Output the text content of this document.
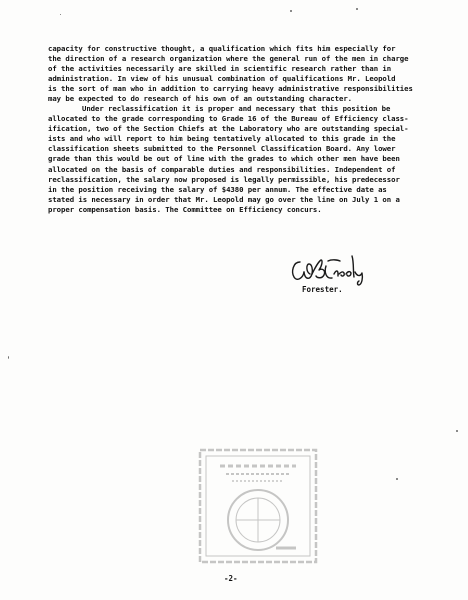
capacity for constructive thought, a qualification which fits him especially for
the direction of a research organization where the general run of the men in charge
of the activities necessarily are skilled in scientific research rather than in
administration. In view of his unusual combination of qualifications Mr. Leopold
is the sort of man who in addition to carrying heavy administrative responsibilities
may be expected to do research of his own of an outstanding character.
Under reclassification it is proper and necessary that this position be
allocated to the grade corresponding to Grade 16 of the Bureau of Efficiency class-
ification, two of the Section Chiefs at the Laboratory who are outstanding special-
ists and who will report to him being tentatively allocated to this grade in the
classification sheets submitted to the Personnel Classification Board. Any lower
grade than this would be out of line with the grades to which other men have been
allocated on the basis of comparable duties and responsibilities. Independent of
reclassification, the salary now proposed is legally permissible, his predecessor
in the position receiving the salary of $4380 per annum. The effective date as
stated is necessary in order that Mr. Leopold may go over the line on July 1 on a
proper compensation basis. The Committee on Efficiency concurs.
Forester.
-2-
